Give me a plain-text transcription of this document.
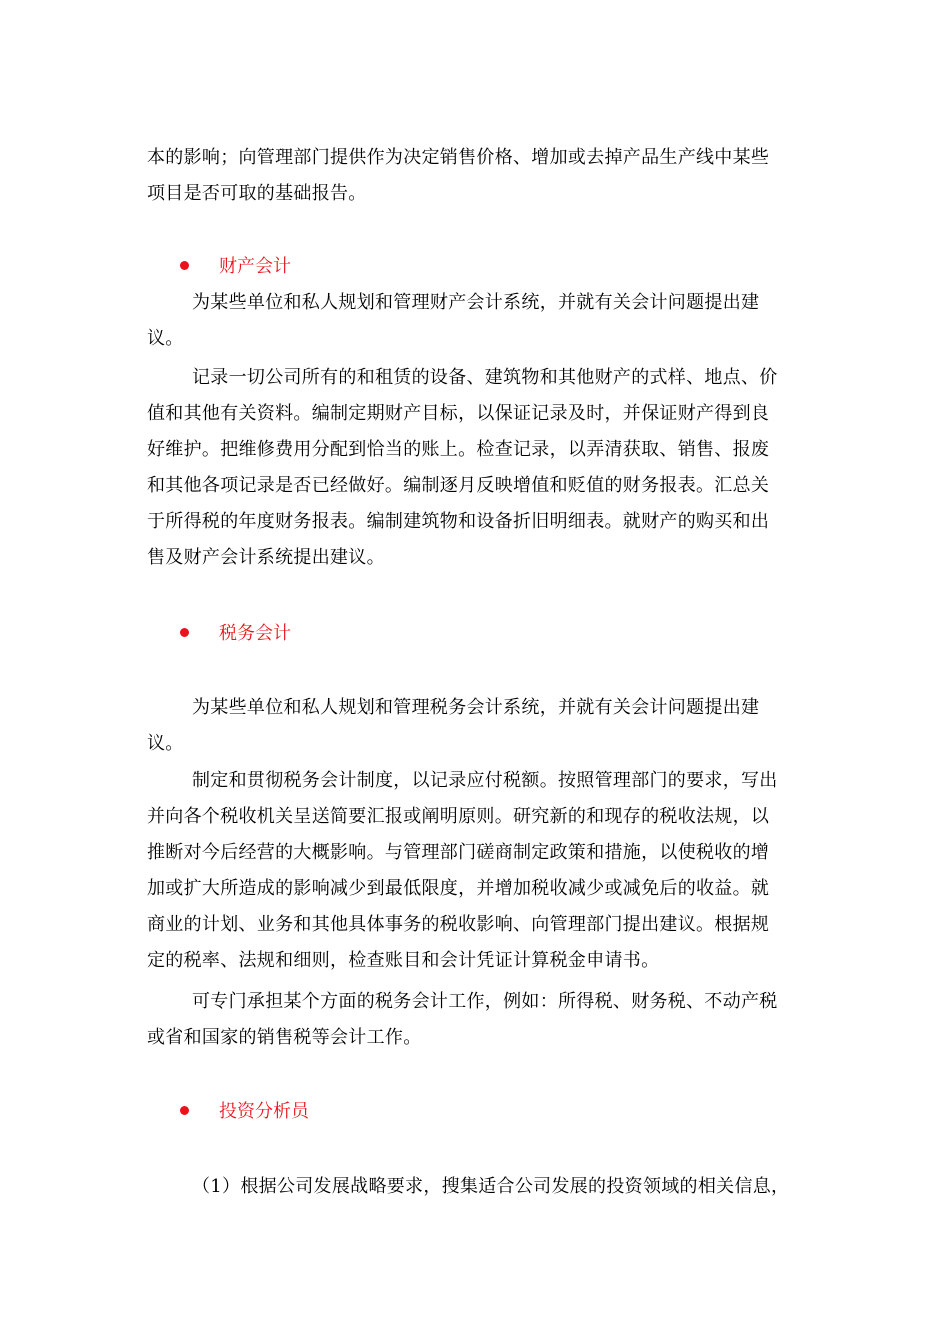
本的影响；向管理部门提供作为决定销售价格、增加或去掉产品生产线中某些
项目是否可取的基础报告。
财产会计
为某些单位和私人规划和管理财产会计系统，并就有关会计问题提出建
议。
记录一切公司所有的和租赁的设备、建筑物和其他财产的式样、地点、价
值和其他有关资料。编制定期财产目标，以保证记录及时，并保证财产得到良
好维护。把维修费用分配到恰当的账上。检查记录，以弄清获取、销售、报废
和其他各项记录是否已经做好。编制逐月反映增值和贬值的财务报表。汇总关
于所得税的年度财务报表。编制建筑物和设备折旧明细表。就财产的购买和出
售及财产会计系统提出建议。
税务会计
为某些单位和私人规划和管理税务会计系统，并就有关会计问题提出建
议。
制定和贯彻税务会计制度，以记录应付税额。按照管理部门的要求，写出
并向各个税收机关呈送简要汇报或阐明原则。研究新的和现存的税收法规，以
推断对今后经营的大概影响。与管理部门磋商制定政策和措施，以使税收的增
加或扩大所造成的影响减少到最低限度，并增加税收减少或减免后的收益。就
商业的计划、业务和其他具体事务的税收影响、向管理部门提出建议。根据规
定的税率、法规和细则，检查账目和会计凭证计算税金申请书。
可专门承担某个方面的税务会计工作，例如：所得税、财务税、不动产税
或省和国家的销售税等会计工作。
投资分析员
（1）根据公司发展战略要求，搜集适合公司发展的投资领域的相关信息，
